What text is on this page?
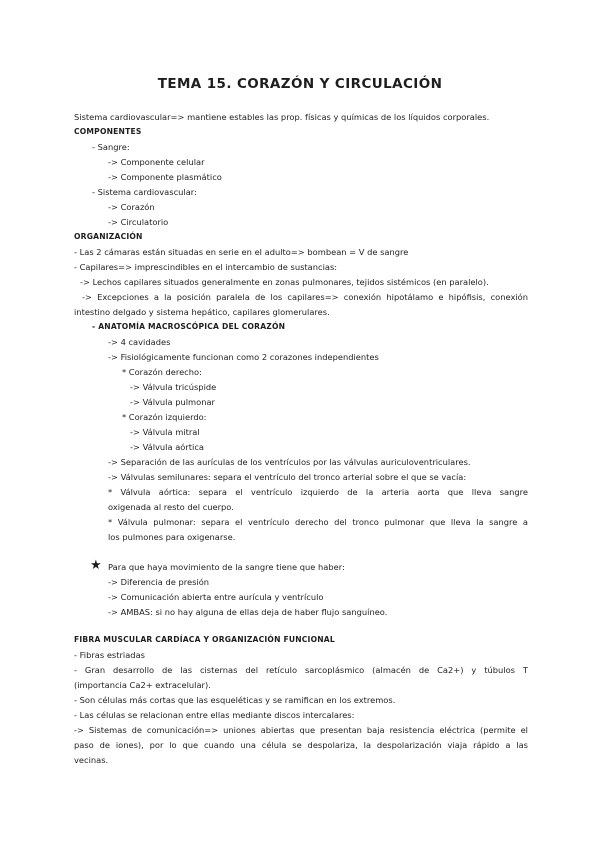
TEMA 15. CORAZÓN Y CIRCULACIÓN
Sistema cardiovascular=> mantiene estables las prop. físicas y químicas de los líquidos corporales.
COMPONENTES
- Sangre:
-> Componente celular
-> Componente plasmático
- Sistema cardiovascular:
-> Corazón
-> Circulatorio
ORGANIZACIÓN
- Las 2 cámaras están situadas en serie en el adulto=> bombean = V de sangre
- Capilares=> imprescindibles en el intercambio de sustancias:
-> Lechos capilares situados generalmente en zonas pulmonares, tejidos sistémicos (en paralelo).
-> Excepciones a la posición paralela de los capilares=> conexión hipotálamo e hipófisis, conexión
intestino delgado y sistema hepático, capilares glomerulares.
- ANATOMÍA MACROSCÓPICA DEL CORAZÓN
-> 4 cavidades
-> Fisiológicamente funcionan como 2 corazones independientes
* Corazón derecho:
-> Válvula tricúspide
-> Válvula pulmonar
* Corazón izquierdo:
-> Válvula mitral
-> Válvula aórtica
-> Separación de las aurículas de los ventrículos por las válvulas auriculoventriculares.
-> Válvulas semilunares: separa el ventrículo del tronco arterial sobre el que se vacía:
* Válvula aórtica: separa el ventrículo izquierdo de la arteria aorta que lleva sangre
oxigenada al resto del cuerpo.
* Válvula pulmonar: separa el ventrículo derecho del tronco pulmonar que lleva la sangre a
los pulmones para oxigenarse.
★ Para que haya movimiento de la sangre tiene que haber:
-> Diferencia de presión
-> Comunicación abierta entre aurícula y ventrículo
-> AMBAS: si no hay alguna de ellas deja de haber flujo sanguíneo.
FIBRA MUSCULAR CARDÍACA Y ORGANIZACIÓN FUNCIONAL
- Fibras estriadas
- Gran desarrollo de las cisternas del retículo sarcoplásmico (almacén de Ca2+) y túbulos T
(importancia Ca2+ extracelular).
- Son células más cortas que las esqueléticas y se ramifican en los extremos.
- Las células se relacionan entre ellas mediante discos intercalares:
-> Sistemas de comunicación=> uniones abiertas que presentan baja resistencia eléctrica (permite el
paso de iones), por lo que cuando una célula se despolariza, la despolarización viaja rápido a las
vecinas.
